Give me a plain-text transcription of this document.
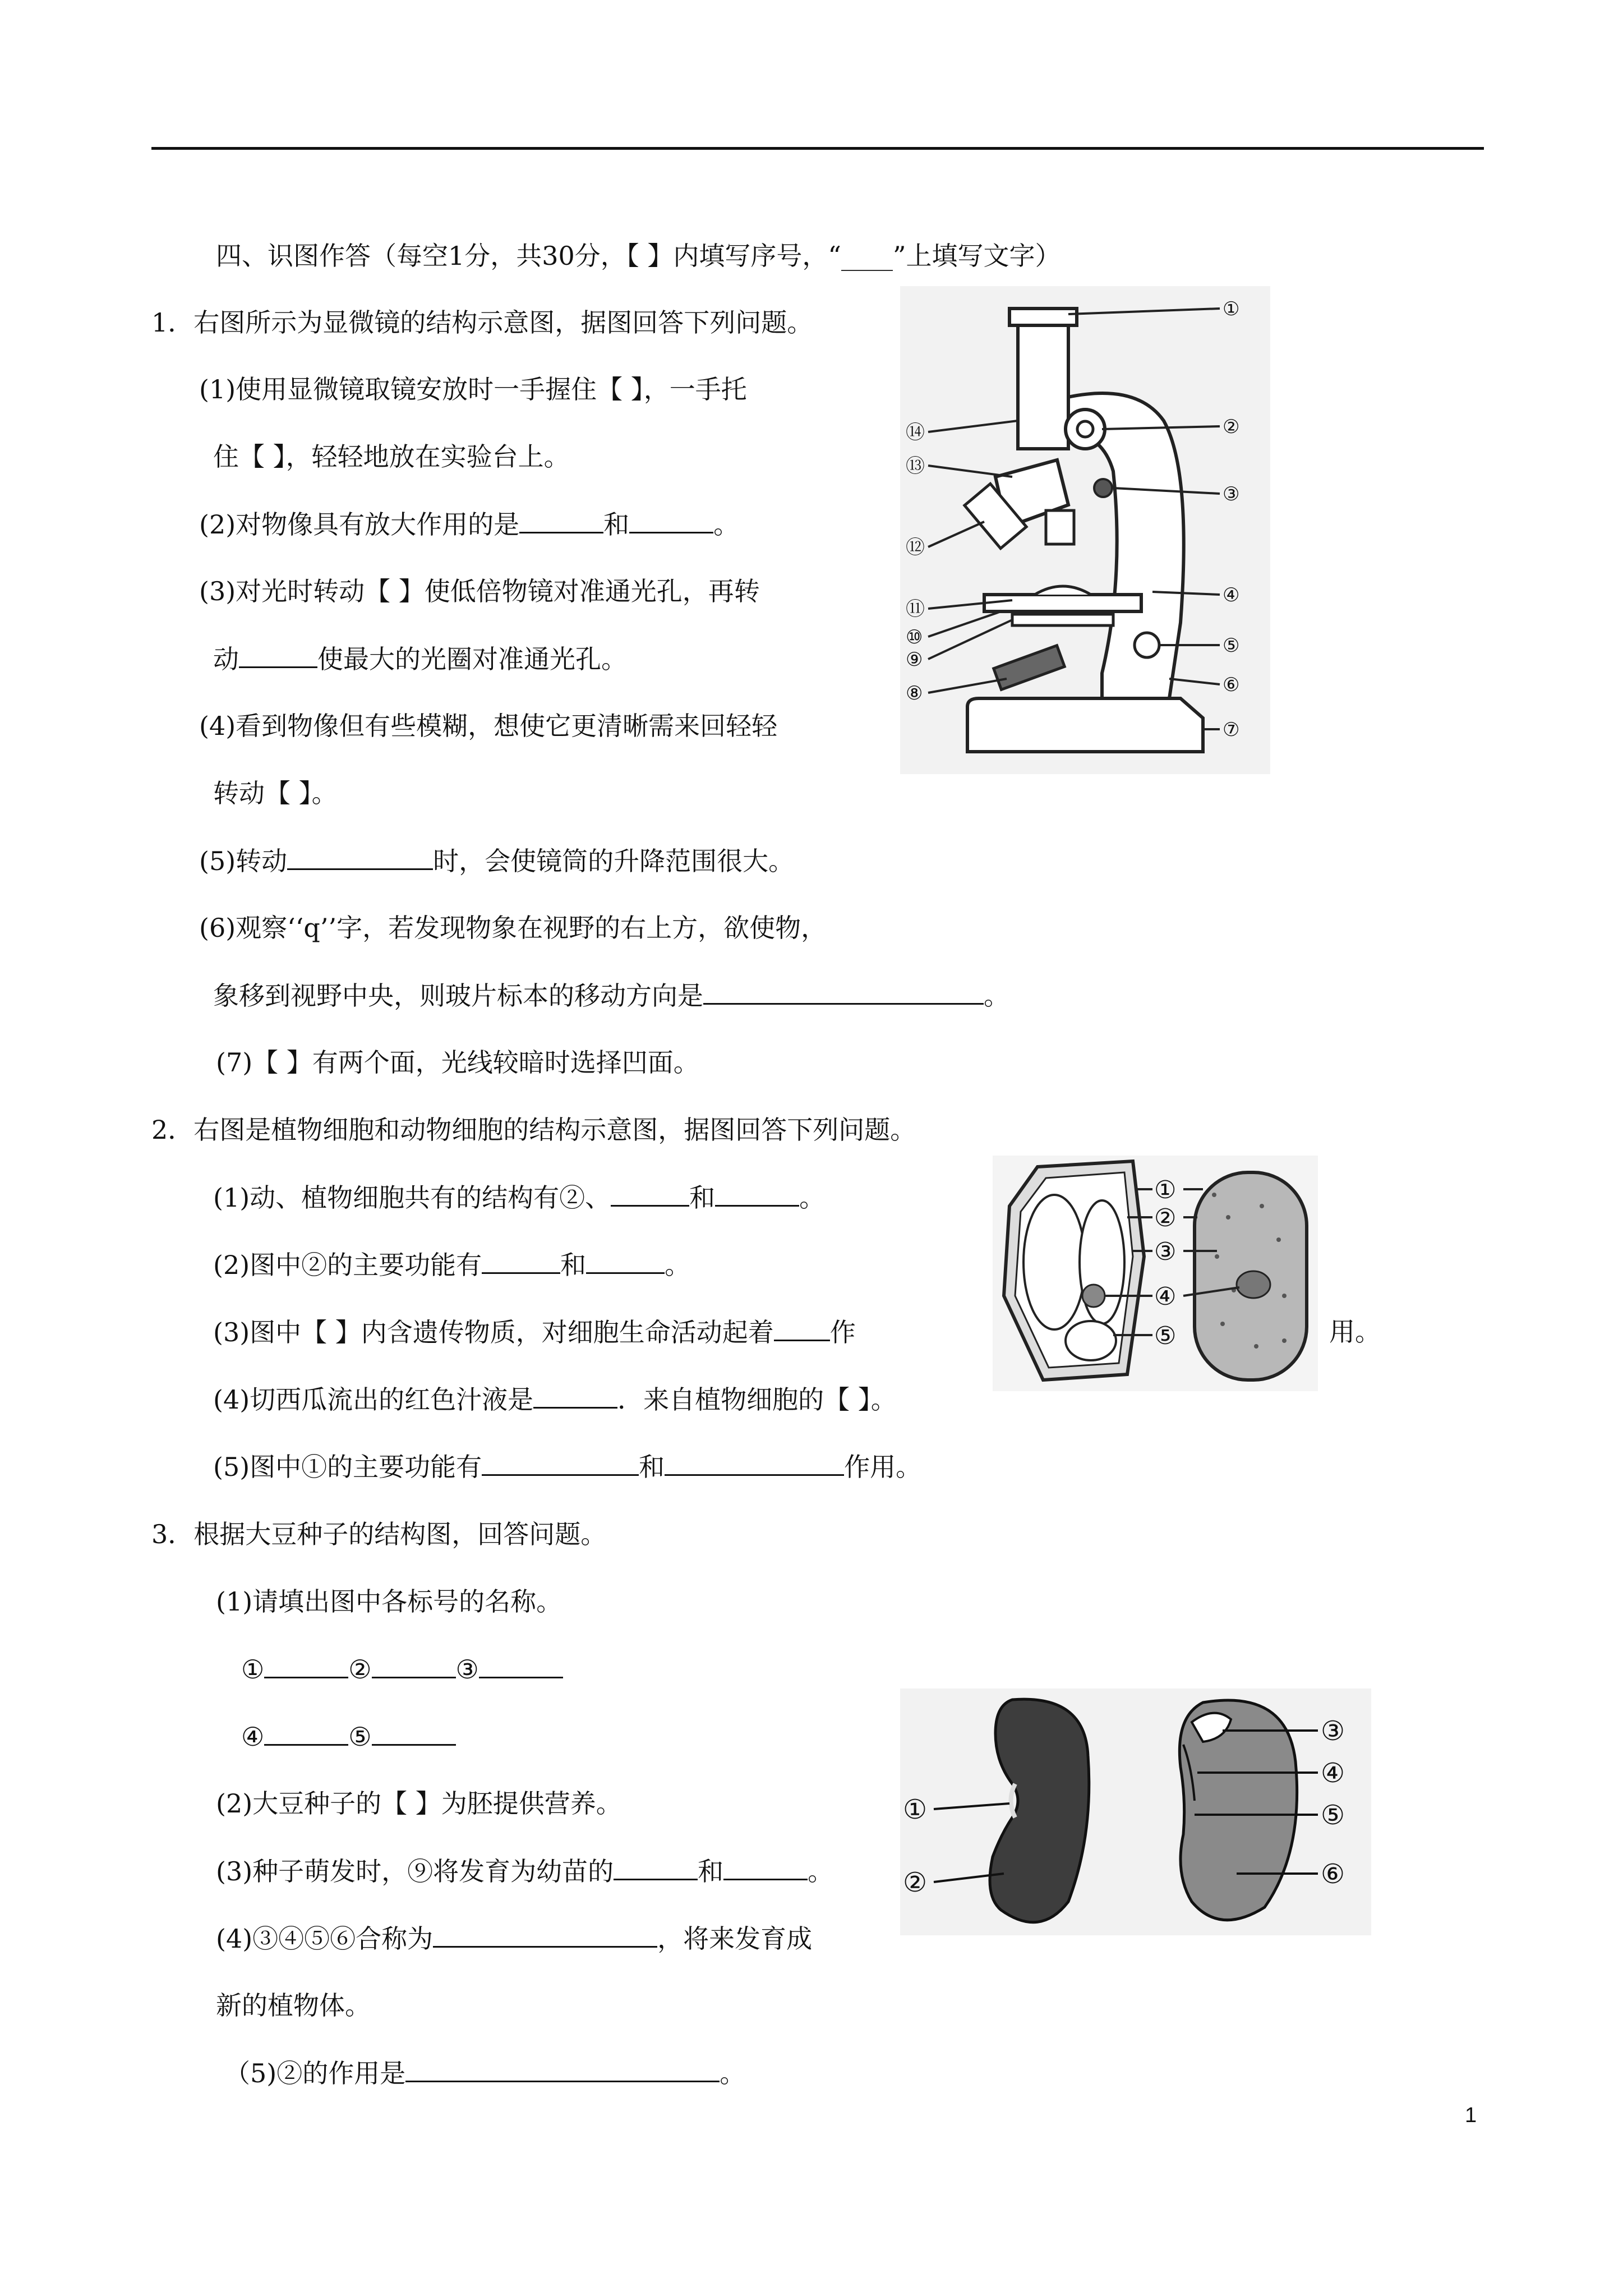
四、识图作答（每空1分，共30分，【 】内填写序号，“____”上填写文字）
1．右图所示为显微镜的结构示意图，据图回答下列问题。
(1)使用显微镜取镜安放时一手握住【 】，一手托
住【 】，轻轻地放在实验台上。
(2)对物像具有放大作用的是	和	。
(3)对光时转动【 】使低倍物镜对准通光孔，再转
动	使最大的光圈对准通光孔。
(4)看到物像但有些模糊，想使它更清晰需来回轻轻
转动【 】。
(5)转动	时，会使镜筒的升降范围很大。
(6)观察‘‘q’’字，若发现物象在视野的右上方，欲使物，
象移到视野中央，则玻片标本的移动方向是	。
(7)【 】有两个面，光线较暗时选择凹面。
①
②
③
④
⑤
⑥
⑦
⑧
⑨
⑩
⑪
⑫
⑬
⑭
2．右图是植物细胞和动物细胞的结构示意图，据图回答下列问题。
(1)动、植物细胞共有的结构有②、	和	。
(2)图中②的主要功能有	和	。
(3)图中【 】内含遗传物质，对细胞生命活动起着 作	用。
(4)切西瓜流出的红色汁液是	．来自植物细胞的【 】。
(5)图中①的主要功能有	和	作用。
①
②
③
④
⑤
3．根据大豆种子的结构图，回答问题。
(1)请填出图中各标号的名称。
①	②	③
④	⑤
(2)大豆种子的【 】为胚提供营养。
(3)种子萌发时，⑨将发育为幼苗的	和	。
(4)③④⑤⑥合称为	，将来发育成
新的植物体。
（5)②的作用是	。
①
②
③
④
⑤
⑥
1
